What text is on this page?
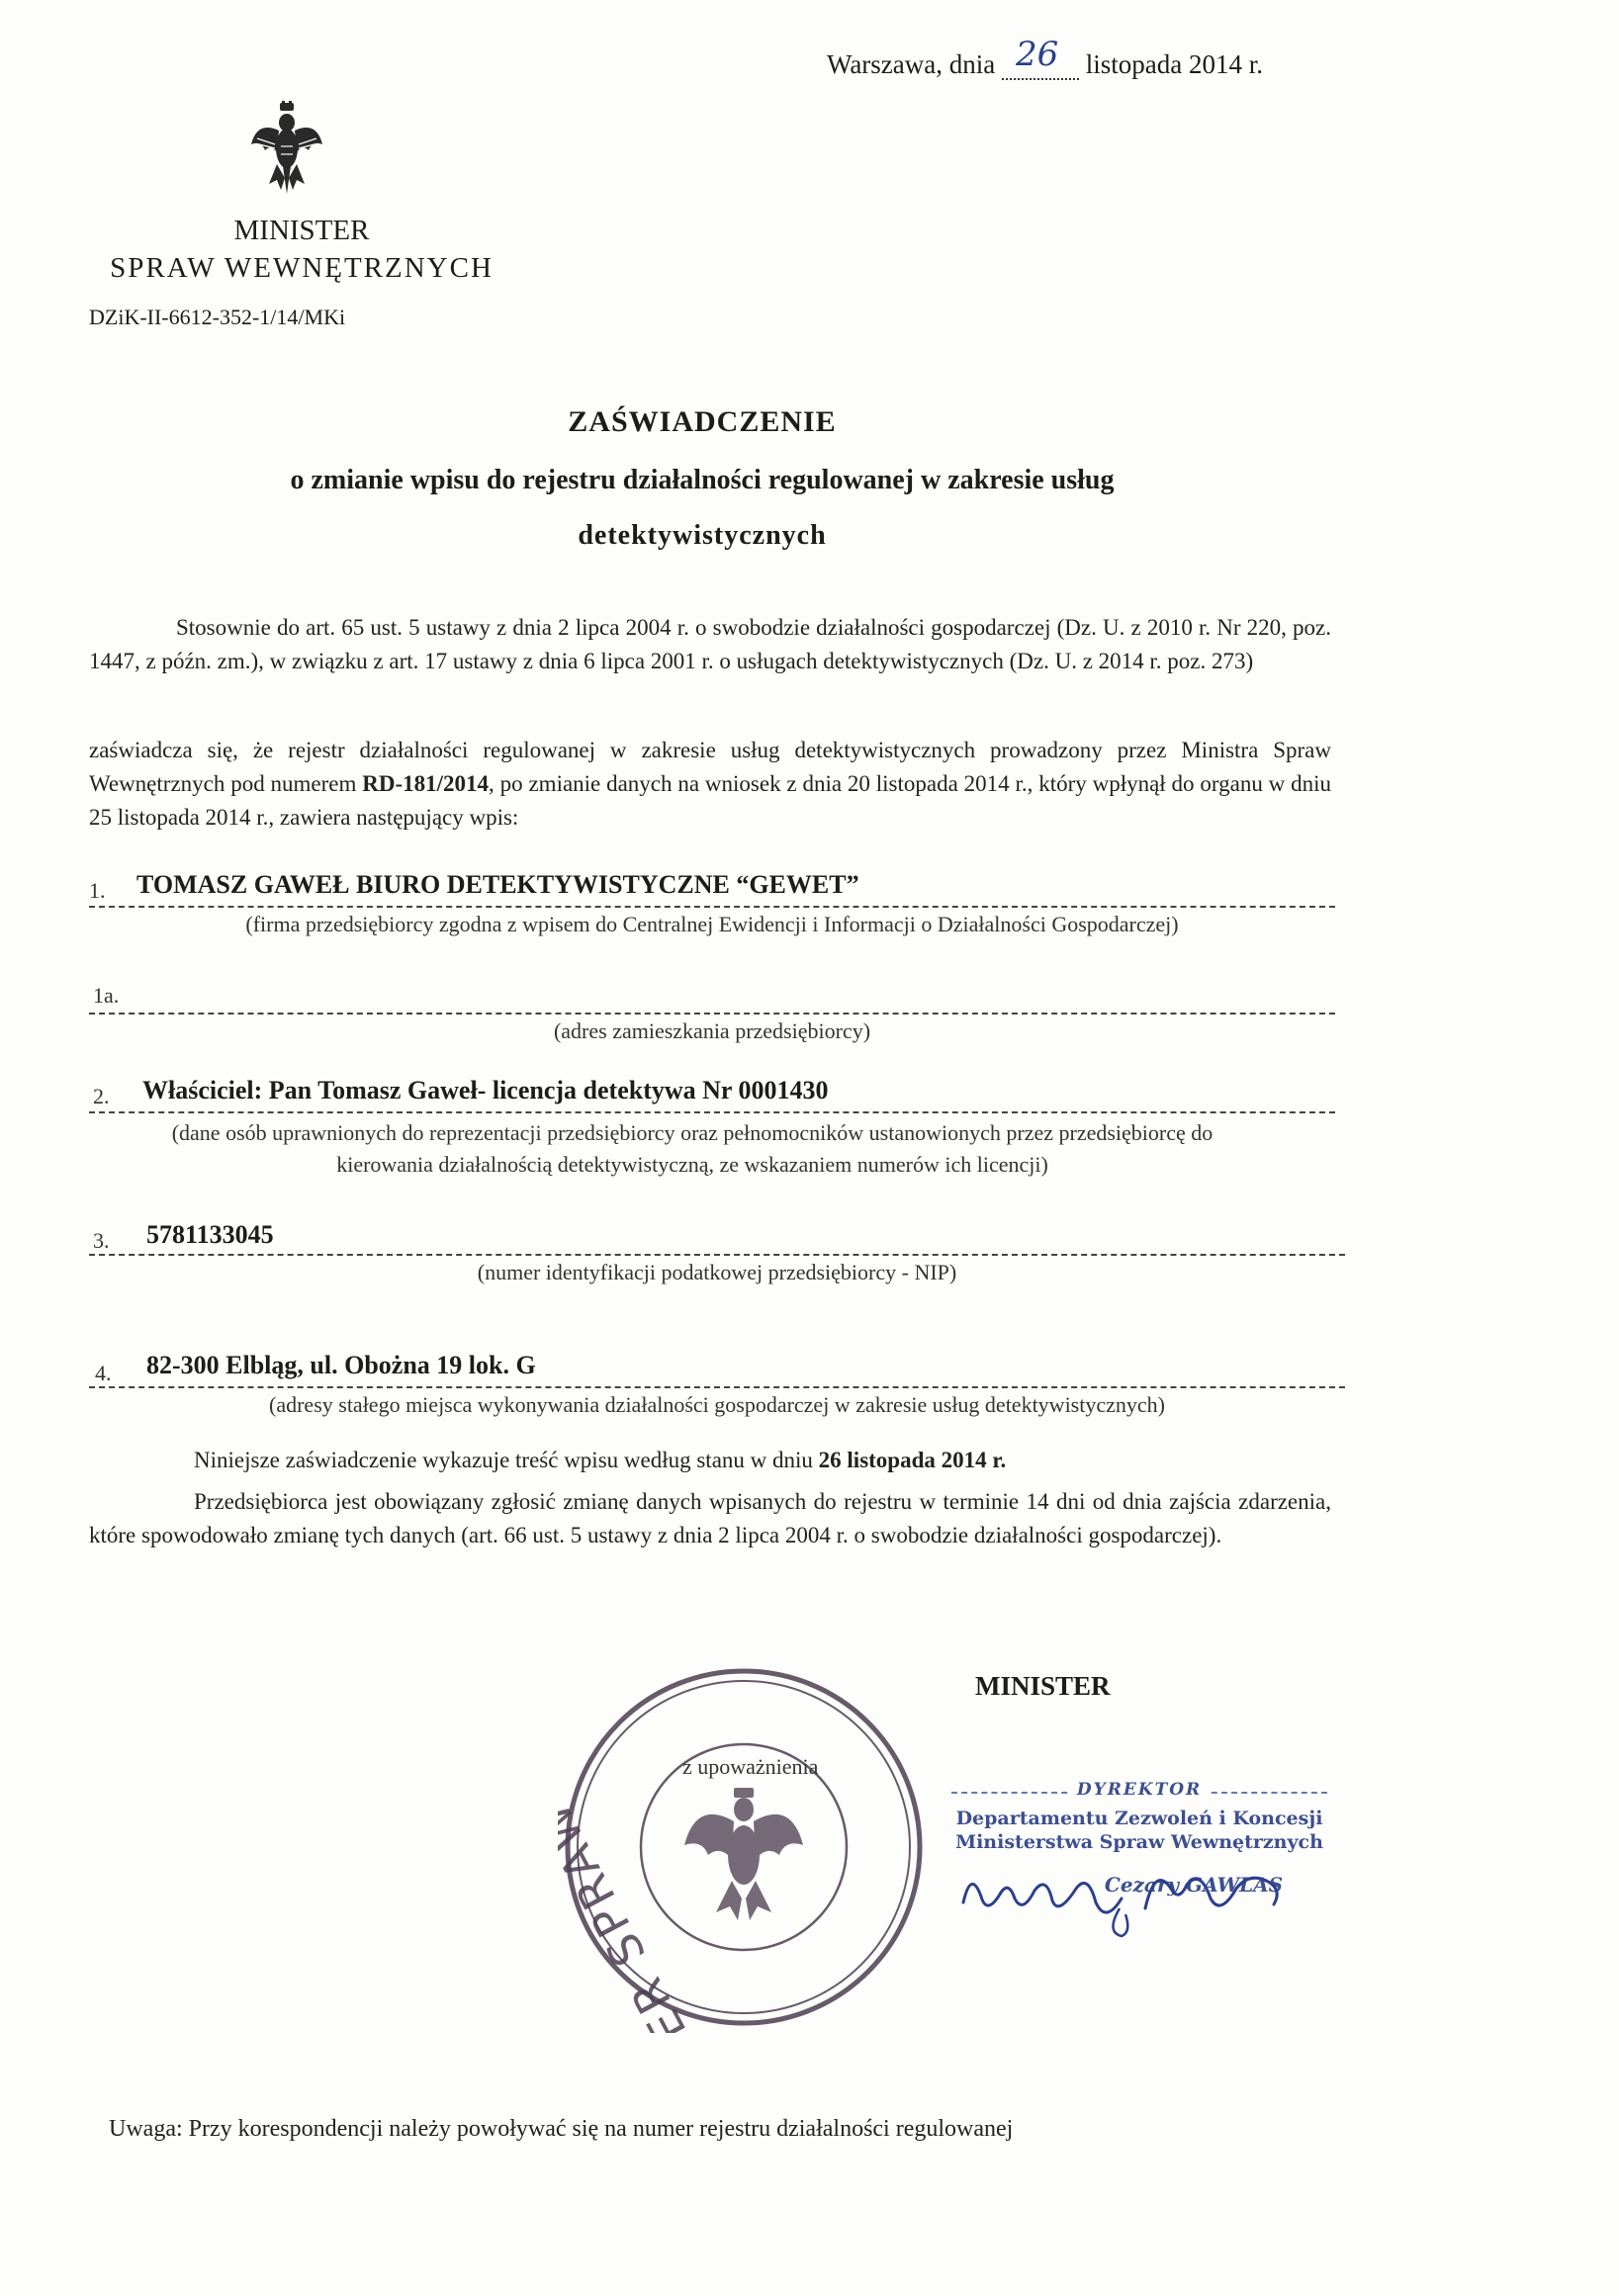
Warszawa, dnia 26 listopada 2014 r.
MINISTER
SPRAW WEWNĘTRZNYCH
DZiK-II-6612-352-1/14/MKi
ZAŚWIADCZENIE
o zmianie wpisu do rejestru działalności regulowanej w zakresie usług
detektywistycznych
Stosownie do art. 65 ust. 5 ustawy z dnia 2 lipca 2004 r. o swobodzie działalności gospodarczej (Dz. U. z 2010 r. Nr 220, poz. 1447, z późn. zm.), w związku z art. 17 ustawy z dnia 6 lipca 2001 r. o usługach detektywistycznych (Dz. U. z 2014 r. poz. 273)
zaświadcza się, że rejestr działalności regulowanej w zakresie usług detektywistycznych prowadzony przez Ministra Spraw Wewnętrznych pod numerem RD-181/2014, po zmianie danych na wniosek z dnia 20 listopada 2014 r., który wpłynął do organu w dniu 25 listopada 2014 r., zawiera następujący wpis:
1. TOMASZ GAWEŁ BIURO DETEKTYWISTYCZNE “GEWET”
(firma przedsiębiorcy zgodna z wpisem do Centralnej Ewidencji i Informacji o Działalności Gospodarczej)
1a.
(adres zamieszkania przedsiębiorcy)
2. Właściciel: Pan Tomasz Gaweł- licencja detektywa Nr 0001430
(dane osób uprawnionych do reprezentacji przedsiębiorcy oraz pełnomocników ustanowionych przez przedsiębiorcę do kierowania działalnością detektywistyczną, ze wskazaniem numerów ich licencji)
3. 5781133045
(numer identyfikacji podatkowej przedsiębiorcy - NIP)
4. 82-300 Elbląg, ul. Obożna 19 lok. G
(adresy stałego miejsca wykonywania działalności gospodarczej w zakresie usług detektywistycznych)
Niniejsze zaświadczenie wykazuje treść wpisu według stanu w dniu 26 listopada 2014 r.
Przedsiębiorca jest obowiązany zgłosić zmianę danych wpisanych do rejestru w terminie 14 dni od dnia zajścia zdarzenia, które spowodowało zmianę tych danych (art. 66 ust. 5 ustawy z dnia 2 lipca 2004 r. o swobodzie działalności gospodarczej).
MINISTER
SPRAW WEWN	z upoważnienia
DYREKTOR
Departamentu Zezwoleń i Koncesji
Ministerstwa Spraw Wewnętrznych
Cezary GAWLAS
Uwaga: Przy korespondencji należy powoływać się na numer rejestru działalności regulowanej
